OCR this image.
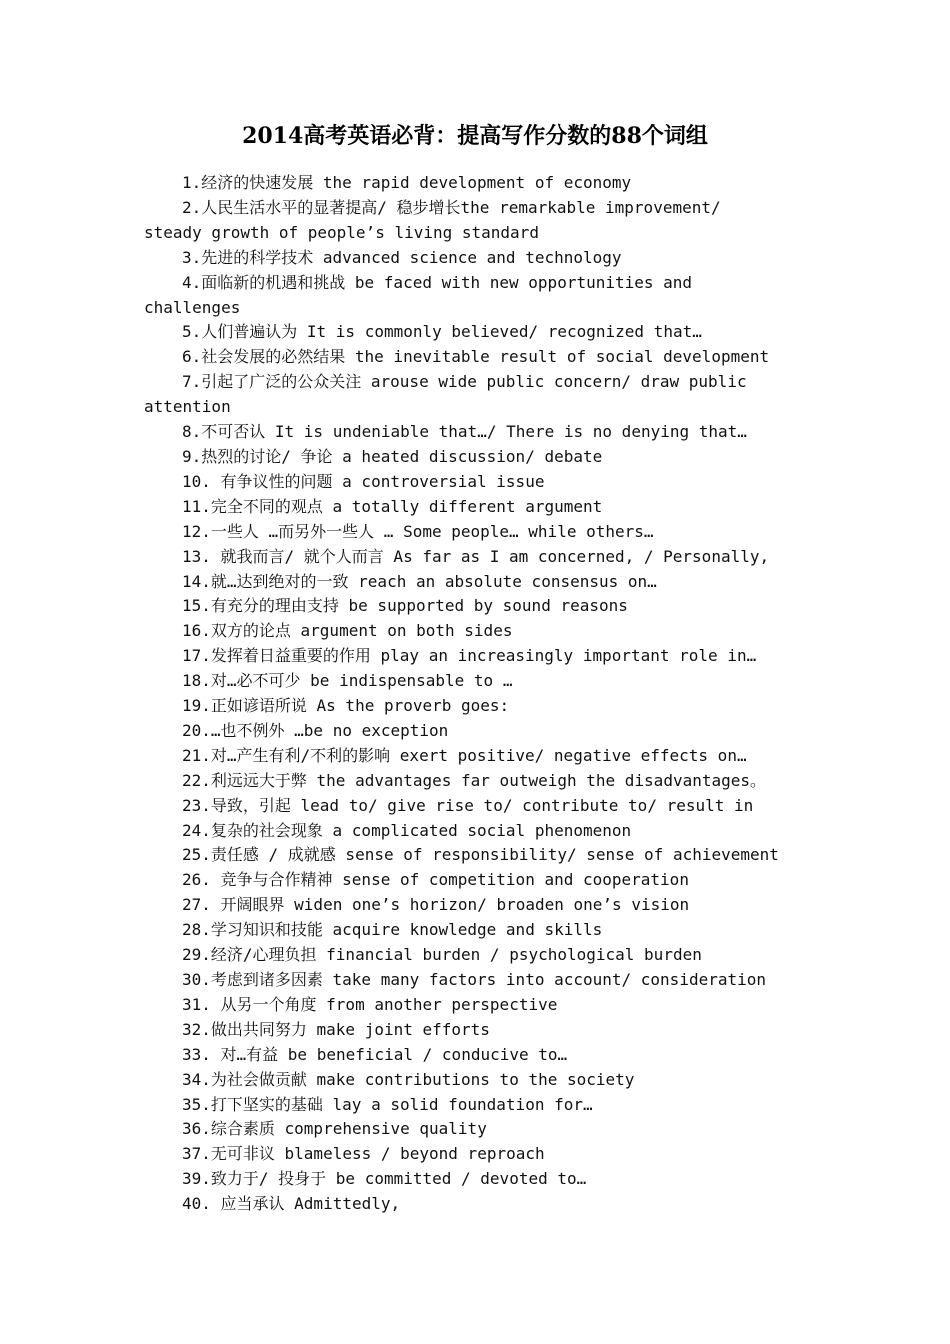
2014高考英语必背：提高写作分数的88个词组
1.经济的快速发展 the rapid development of economy
2.人民生活水平的显著提高/ 稳步增长the remarkable improvement/
steady growth of people’s living standard
3.先进的科学技术 advanced science and technology
4.面临新的机遇和挑战 be faced with new opportunities and
challenges
5.人们普遍认为 It is commonly believed/ recognized that…
6.社会发展的必然结果 the inevitable result of social development
7.引起了广泛的公众关注 arouse wide public concern/ draw public
attention
8.不可否认 It is undeniable that…/ There is no denying that…
9.热烈的讨论/ 争论 a heated discussion/ debate
10. 有争议性的问题 a controversial issue
11.完全不同的观点 a totally different argument
12.一些人 …而另外一些人 … Some people… while others…
13. 就我而言/ 就个人而言 As far as I am concerned, / Personally,
14.就…达到绝对的一致 reach an absolute consensus on…
15.有充分的理由支持 be supported by sound reasons
16.双方的论点 argument on both sides
17.发挥着日益重要的作用 play an increasingly important role in…
18.对…必不可少 be indispensable to …
19.正如谚语所说 As the proverb goes:
20.…也不例外 …be no exception
21.对…产生有利/不利的影响 exert positive/ negative effects on…
22.利远远大于弊 the advantages far outweigh the disadvantages。
23.导致，引起 lead to/ give rise to/ contribute to/ result in
24.复杂的社会现象 a complicated social phenomenon
25.责任感 / 成就感 sense of responsibility/ sense of achievement
26. 竞争与合作精神 sense of competition and cooperation
27. 开阔眼界 widen one’s horizon/ broaden one’s vision
28.学习知识和技能 acquire knowledge and skills
29.经济/心理负担 financial burden / psychological burden
30.考虑到诸多因素 take many factors into account/ consideration
31. 从另一个角度 from another perspective
32.做出共同努力 make joint efforts
33. 对…有益 be beneficial / conducive to…
34.为社会做贡献 make contributions to the society
35.打下坚实的基础 lay a solid foundation for…
36.综合素质 comprehensive quality
37.无可非议 blameless / beyond reproach
39.致力于/ 投身于 be committed / devoted to…
40. 应当承认 Admittedly,
